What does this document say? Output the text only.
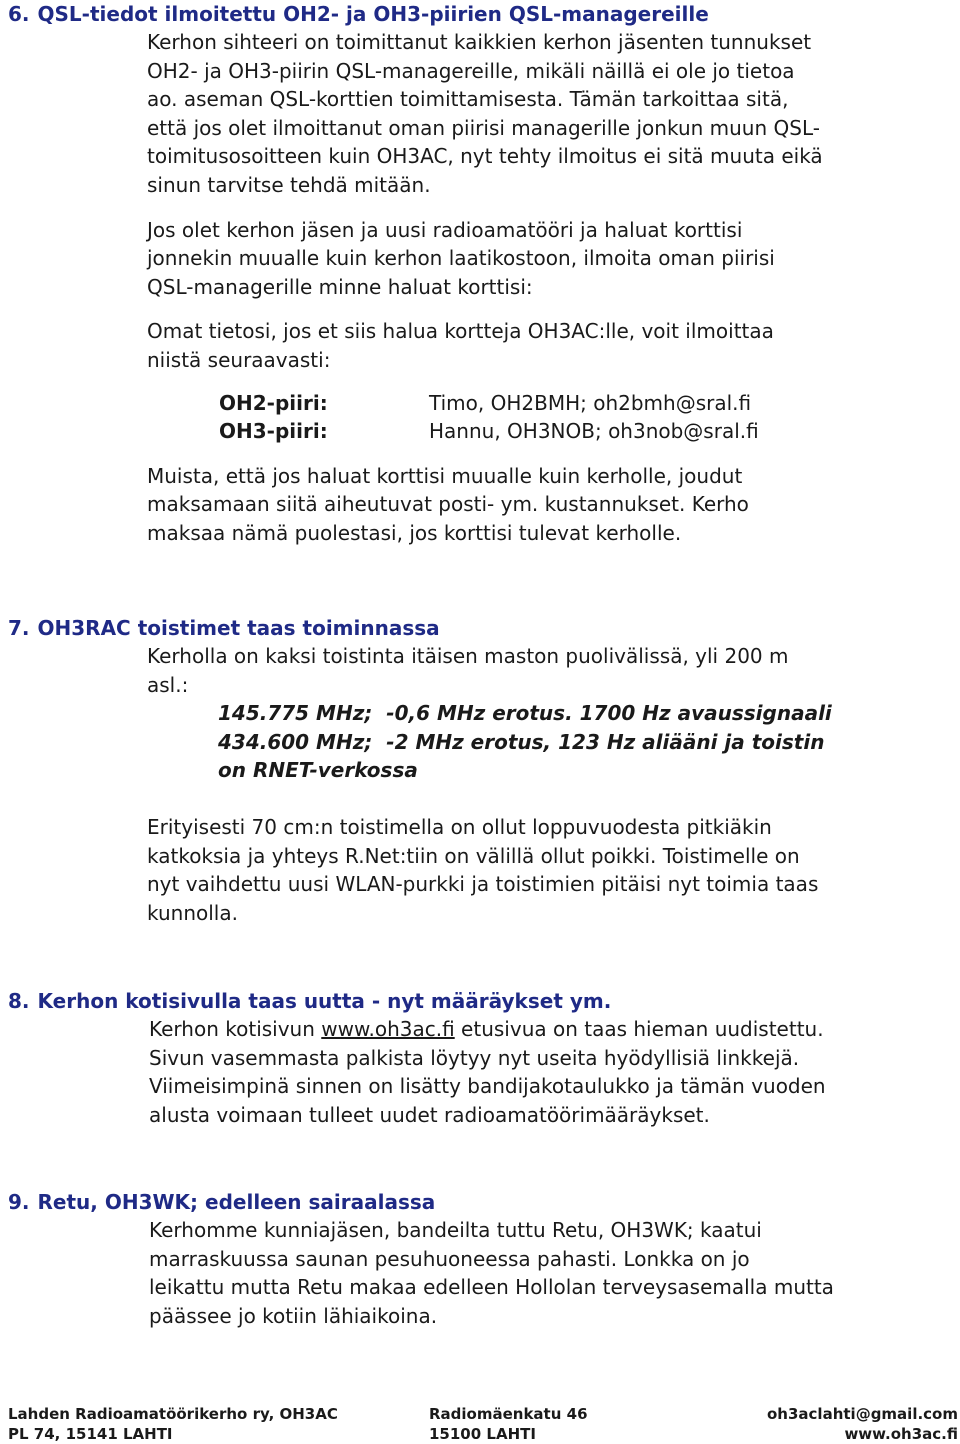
6. QSL-tiedot ilmoitettu OH2- ja OH3-piirien QSL-managereille

Kerhon sihteeri on toimittanut kaikkien kerhon jäsenten tunnukset
OH2- ja OH3-piirin QSL-managereille, mikäli näillä ei ole jo tietoa
ao. aseman QSL-korttien toimittamisesta. Tämän tarkoittaa sitä,
että jos olet ilmoittanut oman piirisi managerille jonkun muun QSL-
toimitusosoitteen kuin OH3AC, nyt tehty ilmoitus ei sitä muuta eikä
sinun tarvitse tehdä mitään.

Jos olet kerhon jäsen ja uusi radioamatööri ja haluat korttisi
jonnekin muualle kuin kerhon laatikostoon, ilmoita oman piirisi
QSL-managerille minne haluat korttisi:

Omat tietosi, jos et siis halua kortteja OH3AC:lle, voit ilmoittaa
niistä seuraavasti:

OH2-piiri:	Timo, OH2BMH; oh2bmh@sral.fi
OH3-piiri:	Hannu, OH3NOB; oh3nob@sral.fi

Muista, että jos haluat korttisi muualle kuin kerholle, joudut
maksamaan siitä aiheutuvat posti- ym. kustannukset. Kerho
maksaa nämä puolestasi, jos korttisi tulevat kerholle.

7. OH3RAC toistimet taas toiminnassa

Kerholla on kaksi toistinta itäisen maston puolivälissä, yli 200 m
asl.:

145.775 MHz;  -0,6 MHz erotus. 1700 Hz avaussignaali
434.600 MHz;  -2 MHz erotus, 123 Hz aliääni ja toistin
on RNET-verkossa

Erityisesti 70 cm:n toistimella on ollut loppuvuodesta pitkiäkin
katkoksia ja yhteys R.Net:tiin on välillä ollut poikki. Toistimelle on
nyt vaihdettu uusi WLAN-purkki ja toistimien pitäisi nyt toimia taas
kunnolla.

8. Kerhon kotisivulla taas uutta - nyt määräykset ym.

Kerhon kotisivun www.oh3ac.fi etusivua on taas hieman uudistettu.
Sivun vasemmasta palkista löytyy nyt useita hyödyllisiä linkkejä.
Viimeisimpinä sinnen on lisätty bandijakotaulukko ja tämän vuoden
alusta voimaan tulleet uudet radioamatöörimääräykset.

9. Retu, OH3WK; edelleen sairaalassa

Kerhomme kunniajäsen, bandeilta tuttu Retu, OH3WK; kaatui
marraskuussa saunan pesuhuoneessa pahasti. Lonkka on jo
leikattu mutta Retu makaa edelleen Hollolan terveysasemalla mutta
päässee jo kotiin lähiaikoina.

Lahden Radioamatöörikerho ry, OH3AC
PL 74, 15141 LAHTI
Radiomäenkatu 46
15100 LAHTI
oh3aclahti@gmail.com
www.oh3ac.fi
